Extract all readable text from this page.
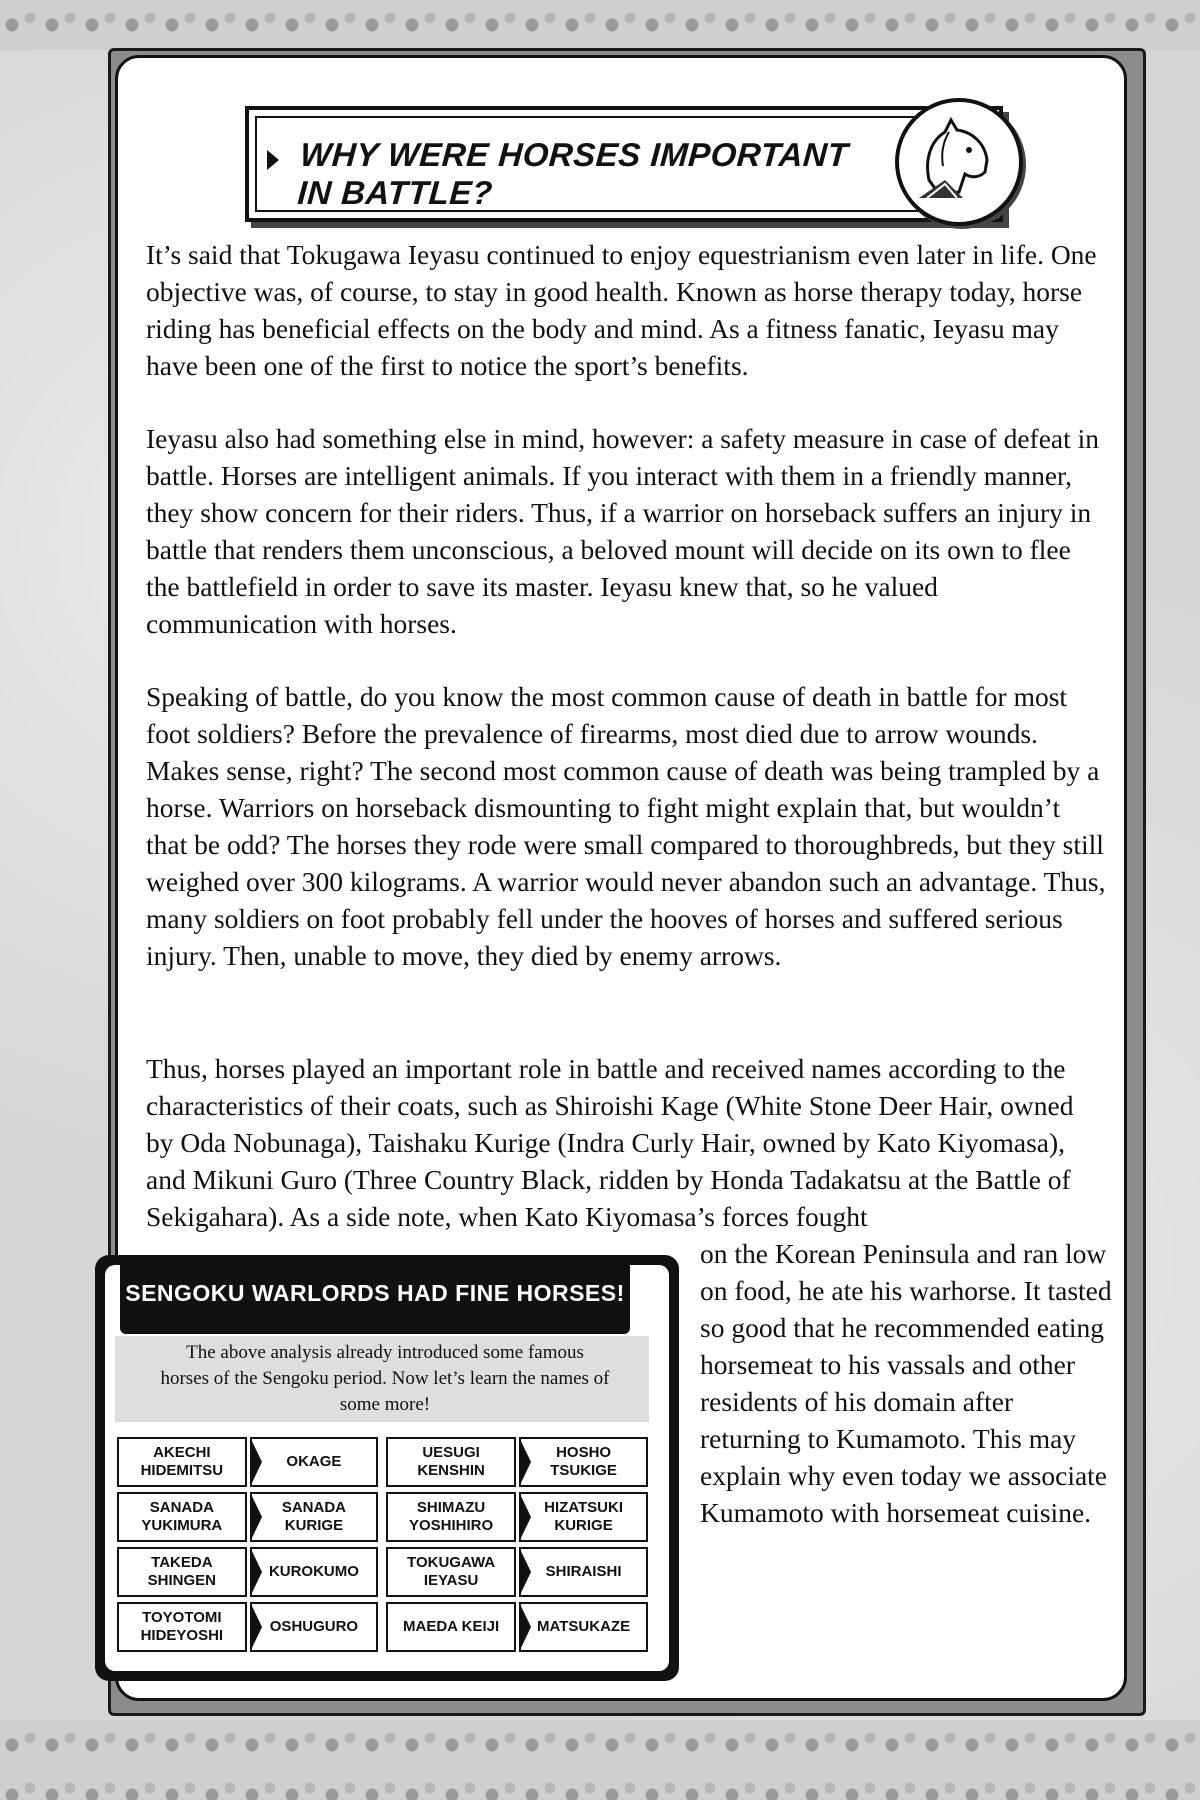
WHY WERE HORSES IMPORTANT IN BATTLE?

It’s said that Tokugawa Ieyasu continued to enjoy equestrianism even later in life. One objective was, of course, to stay in good health. Known as horse therapy today, horse riding has beneficial effects on the body and mind. As a fitness fanatic, Ieyasu may have been one of the first to notice the sport’s benefits.

Ieyasu also had something else in mind, however: a safety measure in case of defeat in battle. Horses are intelligent animals. If you interact with them in a friendly manner, they show concern for their riders. Thus, if a warrior on horseback suffers an injury in battle that renders them unconscious, a beloved mount will decide on its own to flee the battlefield in order to save its master. Ieyasu knew that, so he valued communication with horses.

Speaking of battle, do you know the most common cause of death in battle for most foot soldiers? Before the prevalence of firearms, most died due to arrow wounds. Makes sense, right? The second most common cause of death was being trampled by a horse. Warriors on horseback dismounting to fight might explain that, but wouldn’t that be odd? The horses they rode were small compared to thoroughbreds, but they still weighed over 300 kilograms. A warrior would never abandon such an advantage. Thus, many soldiers on foot probably fell under the hooves of horses and suffered serious injury. Then, unable to move, they died by enemy arrows.

Thus, horses played an important role in battle and received names according to the characteristics of their coats, such as Shiroishi Kage (White Stone Deer Hair, owned by Oda Nobunaga), Taishaku Kurige (Indra Curly Hair, owned by Kato Kiyomasa), and Mikuni Guro (Three Country Black, ridden by Honda Tadakatsu at the Battle of Sekigahara). As a side note, when Kato Kiyomasa’s forces fought

on the Korean Peninsula and ran low on food, he ate his warhorse. It tasted so good that he recommended eating horsemeat to his vassals and other residents of his domain after returning to Kumamoto. This may explain why even today we associate Kumamoto with horsemeat cuisine.

SENGOKU WARLORDS HAD FINE HORSES!
The above analysis already introduced some famous horses of the Sengoku period. Now let’s learn the names of some more!
AKECHI HIDEMITSU	OKAGE		UESUGI KENSHIN	HOSHO TSUKIGE
SANADA YUKIMURA	SANADA KURIGE		SHIMAZU YOSHIHIRO	HIZATSUKI KURIGE
TAKEDA SHINGEN	KUROKUMO		TOKUGAWA IEYASU	SHIRAISHI
TOYOTOMI HIDEYOSHI	OSHUGURO		MAEDA KEIJI	MATSUKAZE
